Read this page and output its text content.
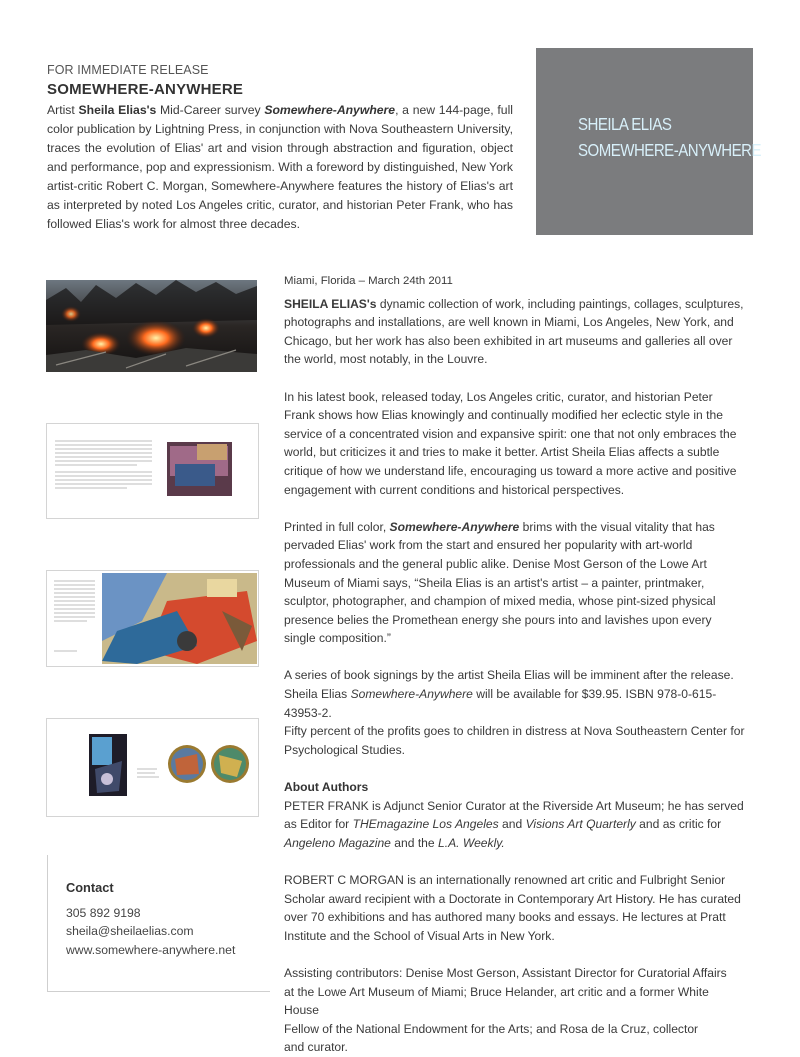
FOR IMMEDIATE RELEASE
SOMEWHERE-ANYWHERE

Artist Sheila Elias's Mid-Career survey Somewhere-Anywhere, a new 144-page, full color publication by Lightning Press, in conjunction with Nova Southeastern University, traces the evolution of Elias' art and vision through abstraction and figuration, object and performance, pop and expressionism. With a foreword by distinguished, New York artist-critic Robert C. Morgan, Somewhere-Anywhere features the history of Elias's art as interpreted by noted Los Angeles critic, curator, and historian Peter Frank, who has followed Elias's work for almost three decades.

SHEILA ELIAS
SOMEWHERE-ANYWHERE

Miami, Florida – March 24th 2011

SHEILA ELIAS's dynamic collection of work, including paintings, collages, sculptures, photographs and installations, are well known in Miami, Los Angeles, New York, and Chicago, but her work has also been exhibited in art museums and galleries all over the world, most notably, in the Louvre.

In his latest book, released today, Los Angeles critic, curator, and historian Peter Frank shows how Elias knowingly and continually modified her eclectic style in the service of a concentrated vision and expansive spirit: one that not only embraces the world, but criticizes it and tries to make it better. Artist Sheila Elias affects a subtle critique of how we understand life, encouraging us toward a more active and positive engagement with current conditions and historical perspectives.

Printed in full color, Somewhere-Anywhere brims with the visual vitality that has pervaded Elias' work from the start and ensured her popularity with art-world
professionals and the general public alike. Denise Most Gerson of the Lowe Art Museum of Miami says, “Sheila Elias is an artist's artist – a painter, printmaker, sculptor, photographer, and champion of mixed media, whose pint-sized physical presence belies the Promethean energy she pours into and lavishes upon every single composition.”

A series of book signings by the artist Sheila Elias will be imminent after the release.
Sheila Elias Somewhere-Anywhere will be available for $39.95. ISBN 978-0-615-43953-2.
Fifty percent of the profits goes to children in distress at Nova Southeastern Center for Psychological Studies.

About Authors

PETER FRANK is Adjunct Senior Curator at the Riverside Art Museum; he has served as Editor for THEmagazine Los Angeles and Visions Art Quarterly and as critic for Angeleno Magazine and the L.A. Weekly.

ROBERT C MORGAN is an internationally renowned art critic and Fulbright Senior Scholar award recipient with a Doctorate in Contemporary Art History. He has curated over 70 exhibitions and has authored many books and essays. He lectures at Pratt Institute and the School of Visual Arts in New York.

Assisting contributors: Denise Most Gerson, Assistant Director for Curatorial Affairs
at the Lowe Art Museum of Miami; Bruce Helander, art critic and a former White House
Fellow of the National Endowment for the Arts; and Rosa de la Cruz, collector
and curator.

Contact
305 892 9198
sheila@sheilaelias.com
www.somewhere-anywhere.net
